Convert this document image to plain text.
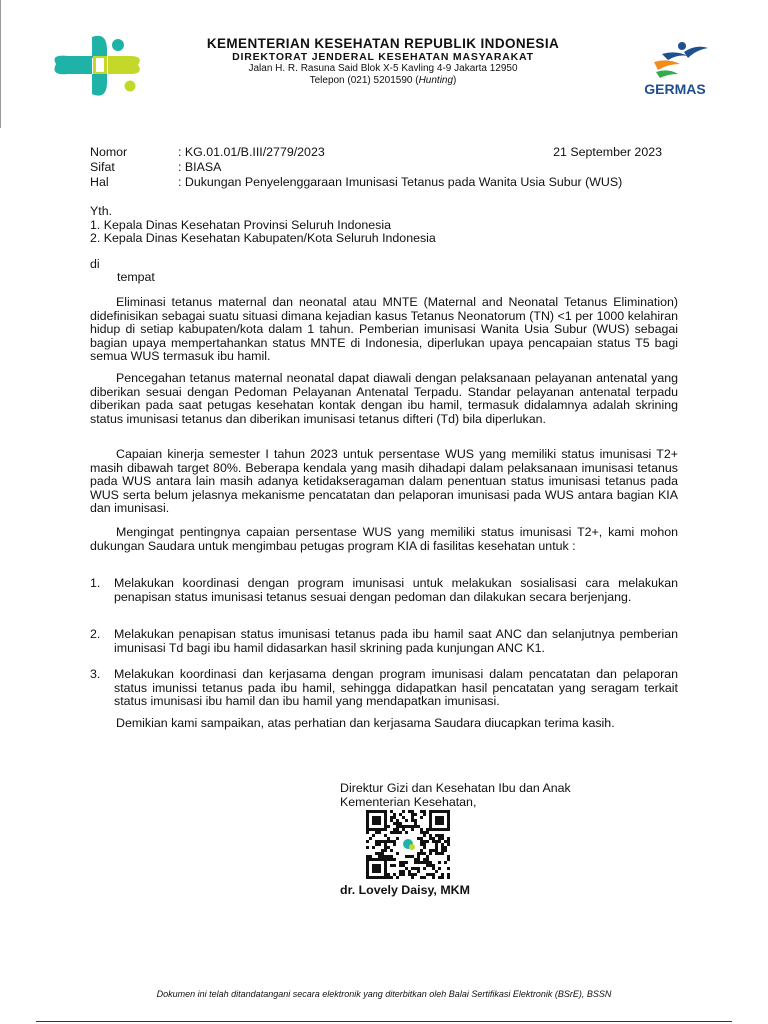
KEMENTERIAN KESEHATAN REPUBLIK INDONESIA
DIREKTORAT JENDERAL KESEHATAN MASYARAKAT
Jalan H. R. Rasuna Said Blok X-5 Kavling 4-9 Jakarta 12950
Telepon (021) 5201590 (Hunting)
GERMAS
Nomor	: KG.01.01/B.III/2779/2023	21 September 2023
Sifat	: BIASA
Hal	: Dukungan Penyelenggaraan Imunisasi Tetanus pada Wanita Usia Subur (WUS)
Yth.
1. Kepala Dinas Kesehatan Provinsi Seluruh Indonesia
2. Kepala Dinas Kesehatan Kabupaten/Kota Seluruh Indonesia
di
tempat
Eliminasi tetanus maternal dan neonatal atau MNTE (Maternal and Neonatal Tetanus Elimination) didefinisikan sebagai suatu situasi dimana kejadian kasus Tetanus Neonatorum (TN) <1 per 1000 kelahiran hidup di setiap kabupaten/kota dalam 1 tahun. Pemberian imunisasi Wanita Usia Subur (WUS) sebagai bagian upaya mempertahankan status MNTE di Indonesia, diperlukan upaya pencapaian status T5 bagi semua WUS termasuk ibu hamil.
Pencegahan tetanus maternal neonatal dapat diawali dengan pelaksanaan pelayanan antenatal yang diberikan sesuai dengan Pedoman Pelayanan Antenatal Terpadu. Standar pelayanan antenatal terpadu diberikan pada saat petugas kesehatan kontak dengan ibu hamil, termasuk didalamnya adalah skrining status imunisasi tetanus dan diberikan imunisasi tetanus difteri (Td) bila diperlukan.
Capaian kinerja semester I tahun 2023 untuk persentase WUS yang memiliki status imunisasi T2+ masih dibawah target 80%. Beberapa kendala yang masih dihadapi dalam pelaksanaan imunisasi tetanus pada WUS antara lain masih adanya ketidakseragaman dalam penentuan status imunisasi tetanus pada WUS serta belum jelasnya mekanisme pencatatan dan pelaporan imunisasi pada WUS antara bagian KIA dan imunisasi.
Mengingat pentingnya capaian persentase WUS yang memiliki status imunisasi T2+, kami mohon dukungan Saudara untuk mengimbau petugas program KIA di fasilitas kesehatan untuk :
1.	Melakukan koordinasi dengan program imunisasi untuk melakukan sosialisasi cara melakukan penapisan status imunisasi tetanus sesuai dengan pedoman dan dilakukan secara berjenjang.
2.	Melakukan penapisan status imunisasi tetanus pada ibu hamil saat ANC dan selanjutnya pemberian imunisasi Td bagi ibu hamil didasarkan hasil skrining pada kunjungan ANC K1.
3.	Melakukan koordinasi dan kerjasama dengan program imunisasi dalam pencatatan dan pelaporan status imunissi tetanus pada ibu hamil, sehingga didapatkan hasil pencatatan yang seragam terkait status imunisasi ibu hamil dan ibu hamil yang mendapatkan imunisasi.
Demikian kami sampaikan, atas perhatian dan kerjasama Saudara diucapkan terima kasih.
Direktur Gizi dan Kesehatan Ibu dan Anak
Kementerian Kesehatan,
dr. Lovely Daisy, MKM
Dokumen ini telah ditandatangani secara elektronik yang diterbitkan oleh Balai Sertifikasi Elektronik (BSrE), BSSN
